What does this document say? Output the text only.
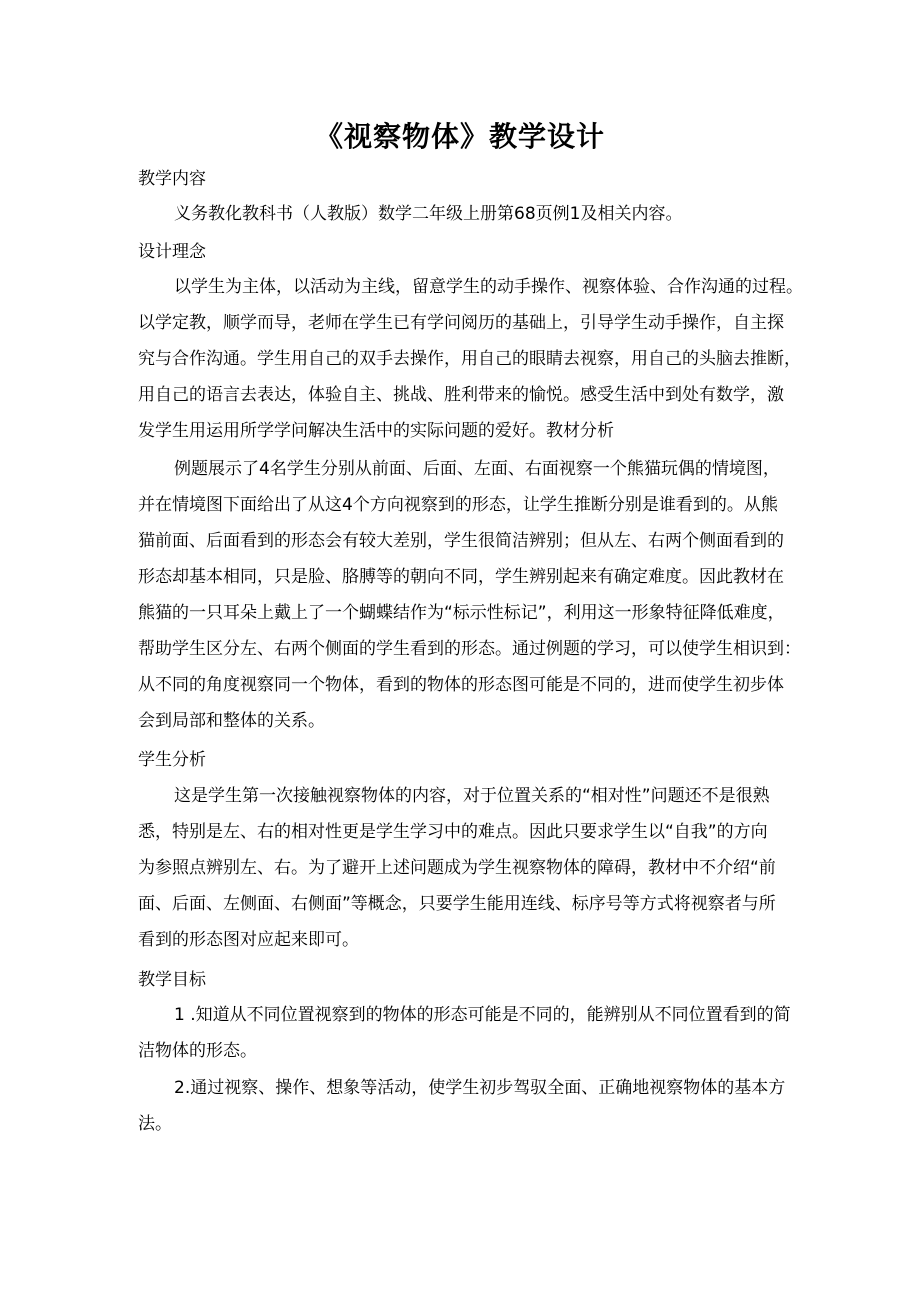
《视察物体》教学设计
教学内容
义务教化教科书（人教版）数学二年级上册第68页例1及相关内容。
设计理念
以学生为主体，以活动为主线，留意学生的动手操作、视察体验、合作沟通的过程。
以学定教，顺学而导，老师在学生已有学问阅历的基础上，引导学生动手操作，自主探
究与合作沟通。学生用自己的双手去操作，用自己的眼睛去视察，用自己的头脑去推断，
用自己的语言去表达，体验自主、挑战、胜利带来的愉悦。感受生活中到处有数学，激
发学生用运用所学学问解决生活中的实际问题的爱好。教材分析
例题展示了4名学生分别从前面、后面、左面、右面视察一个熊猫玩偶的情境图，
并在情境图下面给出了从这4个方向视察到的形态，让学生推断分别是谁看到的。从熊
猫前面、后面看到的形态会有较大差别，学生很简洁辨别；但从左、右两个侧面看到的
形态却基本相同，只是脸、胳膊等的朝向不同，学生辨别起来有确定难度。因此教材在
熊猫的一只耳朵上戴上了一个蝴蝶结作为“标示性标记”，利用这一形象特征降低难度，
帮助学生区分左、右两个侧面的学生看到的形态。通过例题的学习，可以使学生相识到：
从不同的角度视察同一个物体，看到的物体的形态图可能是不同的，进而使学生初步体
会到局部和整体的关系。
学生分析
这是学生第一次接触视察物体的内容，对于位置关系的“相对性”问题还不是很熟
悉，特别是左、右的相对性更是学生学习中的难点。因此只要求学生以“自我”的方向
为参照点辨别左、右。为了避开上述问题成为学生视察物体的障碍，教材中不介绍“前
面、后面、左侧面、右侧面”等概念，只要学生能用连线、标序号等方式将视察者与所
看到的形态图对应起来即可。
教学目标
1 .知道从不同位置视察到的物体的形态可能是不同的，能辨别从不同位置看到的简
洁物体的形态。
2.通过视察、操作、想象等活动，使学生初步驾驭全面、正确地视察物体的基本方
法。
